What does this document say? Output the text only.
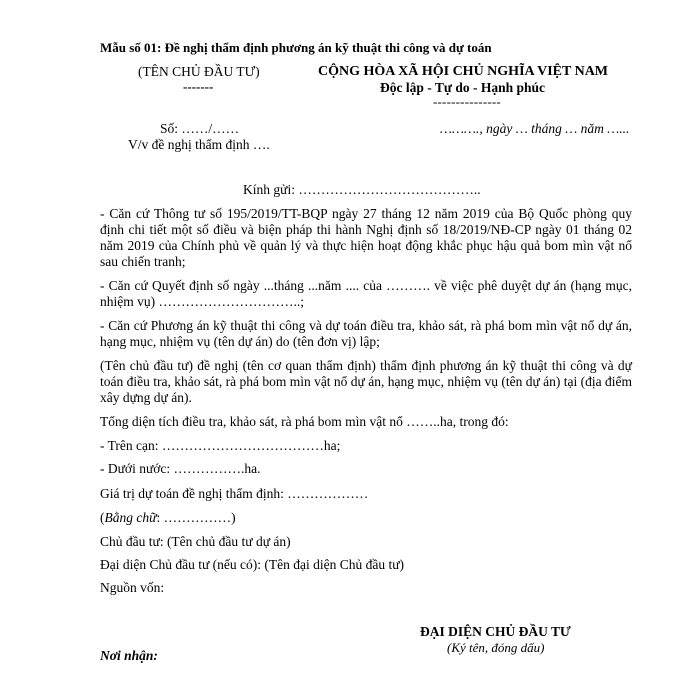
Mẫu số 01: Đề nghị thẩm định phương án kỹ thuật thi công và dự toán
(TÊN CHỦ ĐẦU TƯ)
-------
CỘNG HÒA XÃ HỘI CHỦ NGHĨA VIỆT NAM
Độc lập - Tự do - Hạnh phúc
---------------
Số: ……/……	………., ngày … tháng … năm …...
V/v đề nghị thẩm định ….
Kính gửi: …………………………………..
- Căn cứ Thông tư số 195/2019/TT-BQP ngày 27 tháng 12 năm 2019 của Bộ Quốc phòng quy định chi tiết một số điều và biện pháp thi hành Nghị định số 18/2019/NĐ-CP ngày 01 tháng 02 năm 2019 của Chính phủ về quản lý và thực hiện hoạt động khắc phục hậu quả bom mìn vật nổ sau chiến tranh;
- Căn cứ Quyết định số ngày ...tháng ...năm .... của ………. về việc phê duyệt dự án (hạng mục, nhiệm vụ) …………………………..;
- Căn cứ Phương án kỹ thuật thi công và dự toán điều tra, khảo sát, rà phá bom mìn vật nổ dự án, hạng mục, nhiệm vụ (tên dự án) do (tên đơn vị) lập;
(Tên chủ đầu tư) đề nghị (tên cơ quan thẩm định) thẩm định phương án kỹ thuật thi công và dự toán điều tra, khảo sát, rà phá bom mìn vật nổ dự án, hạng mục, nhiệm vụ (tên dự án) tại (địa điểm xây dựng dự án).
Tổng diện tích điều tra, khảo sát, rà phá bom mìn vật nổ ……..ha, trong đó:
- Trên cạn: ………………………………ha;
- Dưới nước: …………….ha.
Giá trị dự toán đề nghị thẩm định: ………………
(Bằng chữ: ……………)
Chủ đầu tư: (Tên chủ đầu tư dự án)
Đại diện Chủ đầu tư (nếu có): (Tên đại diện Chủ đầu tư)
Nguồn vốn:
ĐẠI DIỆN CHỦ ĐẦU TƯ
(Ký tên, đóng dấu)
Nơi nhận:
